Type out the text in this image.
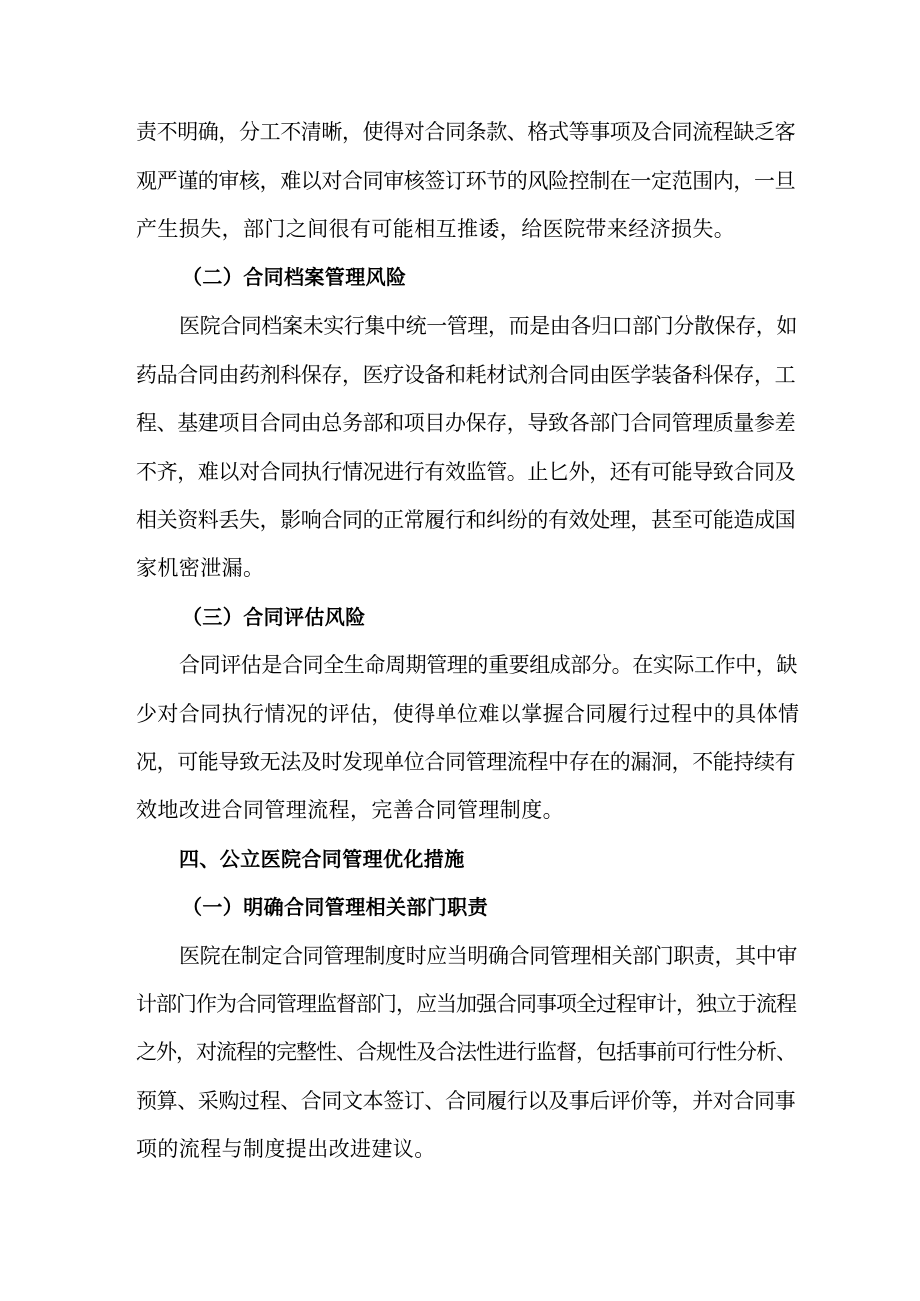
责不明确，分工不清晰，使得对合同条款、格式等事项及合同流程缺乏客

观严谨的审核，难以对合同审核签订环节的风险控制在一定范围内，一旦

产生损失，部门之间很有可能相互推诿，给医院带来经济损失。

（二）合同档案管理风险

医院合同档案未实行集中统一管理，而是由各归口部门分散保存，如

药品合同由药剂科保存，医疗设备和耗材试剂合同由医学装备科保存，工

程、基建项目合同由总务部和项目办保存，导致各部门合同管理质量参差

不齐，难以对合同执行情况进行有效监管。止匕外，还有可能导致合同及

相关资料丢失，影响合同的正常履行和纠纷的有效处理，甚至可能造成国

家机密泄漏。

（三）合同评估风险

合同评估是合同全生命周期管理的重要组成部分。在实际工作中，缺

少对合同执行情况的评估，使得单位难以掌握合同履行过程中的具体情

况，可能导致无法及时发现单位合同管理流程中存在的漏洞，不能持续有

效地改进合同管理流程，完善合同管理制度。

四、公立医院合同管理优化措施

（一）明确合同管理相关部门职责

医院在制定合同管理制度时应当明确合同管理相关部门职责，其中审

计部门作为合同管理监督部门，应当加强合同事项全过程审计，独立于流程

之外，对流程的完整性、合规性及合法性进行监督，包括事前可行性分析、

预算、采购过程、合同文本签订、合同履行以及事后评价等，并对合同事

项的流程与制度提出改进建议。
